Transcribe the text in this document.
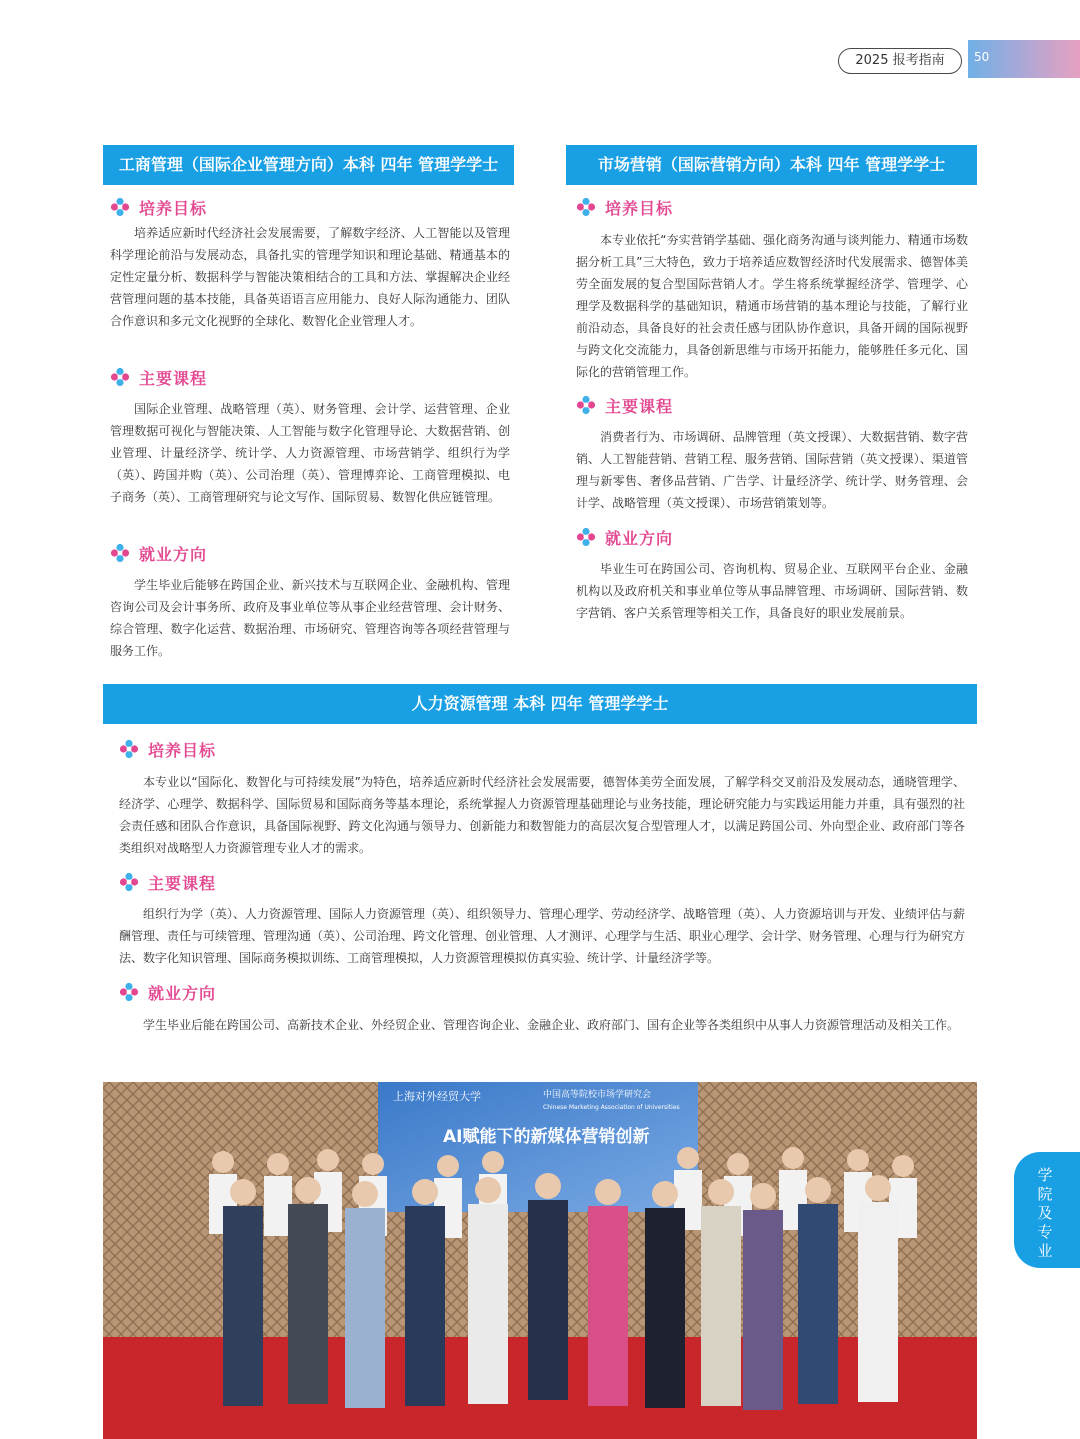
2025 报考指南	50
工商管理（国际企业管理方向）本科 四年 管理学学士
培养目标

培养适应新时代经济社会发展需要，了解数字经济、人工智能以及管理科学理论前沿与发展动态，具备扎实的管理学知识和理论基础、精通基本的定性定量分析、数据科学与智能决策相结合的工具和方法、掌握解决企业经营管理问题的基本技能，具备英语语言应用能力、良好人际沟通能力、团队合作意识和多元文化视野的全球化、数智化企业管理人才。

主要课程

国际企业管理、战略管理（英）、财务管理、会计学、运营管理、企业管理数据可视化与智能决策、人工智能与数字化管理导论、大数据营销、创业管理、计量经济学、统计学、人力资源管理、市场营销学、组织行为学（英）、跨国并购（英）、公司治理（英）、管理博弈论、工商管理模拟、电子商务（英）、工商管理研究与论文写作、国际贸易、数智化供应链管理。

就业方向

学生毕业后能够在跨国企业、新兴技术与互联网企业、金融机构、管理咨询公司及会计事务所、政府及事业单位等从事企业经营管理、会计财务、综合管理、数字化运营、数据治理、市场研究、管理咨询等各项经营管理与服务工作。

市场营销（国际营销方向）本科 四年 管理学学士
培养目标

本专业依托“夯实营销学基础、强化商务沟通与谈判能力、精通市场数据分析工具”三大特色，致力于培养适应数智经济时代发展需求、德智体美劳全面发展的复合型国际营销人才。学生将系统掌握经济学、管理学、心理学及数据科学的基础知识，精通市场营销的基本理论与技能，了解行业前沿动态，具备良好的社会责任感与团队协作意识，具备开阔的国际视野与跨文化交流能力，具备创新思维与市场开拓能力，能够胜任多元化、国际化的营销管理工作。

主要课程

消费者行为、市场调研、品牌管理（英文授课）、大数据营销、数字营销、人工智能营销、营销工程、服务营销、国际营销（英文授课）、渠道管理与新零售、奢侈品营销、广告学、计量经济学、统计学、财务管理、会计学、战略管理（英文授课）、市场营销策划等。

就业方向

毕业生可在跨国公司、咨询机构、贸易企业、互联网平台企业、金融机构以及政府机关和事业单位等从事品牌管理、市场调研、国际营销、数字营销、客户关系管理等相关工作，具备良好的职业发展前景。

人力资源管理 本科 四年 管理学学士
培养目标

本专业以“国际化、数智化与可持续发展”为特色，培养适应新时代经济社会发展需要，德智体美劳全面发展，了解学科交叉前沿及发展动态，通晓管理学、经济学、心理学、数据科学、国际贸易和国际商务等基本理论，系统掌握人力资源管理基础理论与业务技能，理论研究能力与实践运用能力并重，具有强烈的社会责任感和团队合作意识，具备国际视野、跨文化沟通与领导力、创新能力和数智能力的高层次复合型管理人才，以满足跨国公司、外向型企业、政府部门等各类组织对战略型人力资源管理专业人才的需求。

主要课程

组织行为学（英）、人力资源管理、国际人力资源管理（英）、组织领导力、管理心理学、劳动经济学、战略管理（英）、人力资源培训与开发、业绩评估与薪酬管理、责任与可续管理、管理沟通（英）、公司治理、跨文化管理、创业管理、人才测评、心理学与生活、职业心理学、会计学、财务管理、心理与行为研究方法、数字化知识管理、国际商务模拟训练、工商管理模拟，人力资源管理模拟仿真实验、统计学、计量经济学等。

就业方向

学生毕业后能在跨国公司、高新技术企业、外经贸企业、管理咨询企业、金融企业、政府部门、国有企业等各类组织中从事人力资源管理活动及相关工作。

上海对外经贸大学	中国高等院校市场学研究会
Chinese Marketing Association of Universities
AI赋能下的新媒体营销创新
学院及专业
